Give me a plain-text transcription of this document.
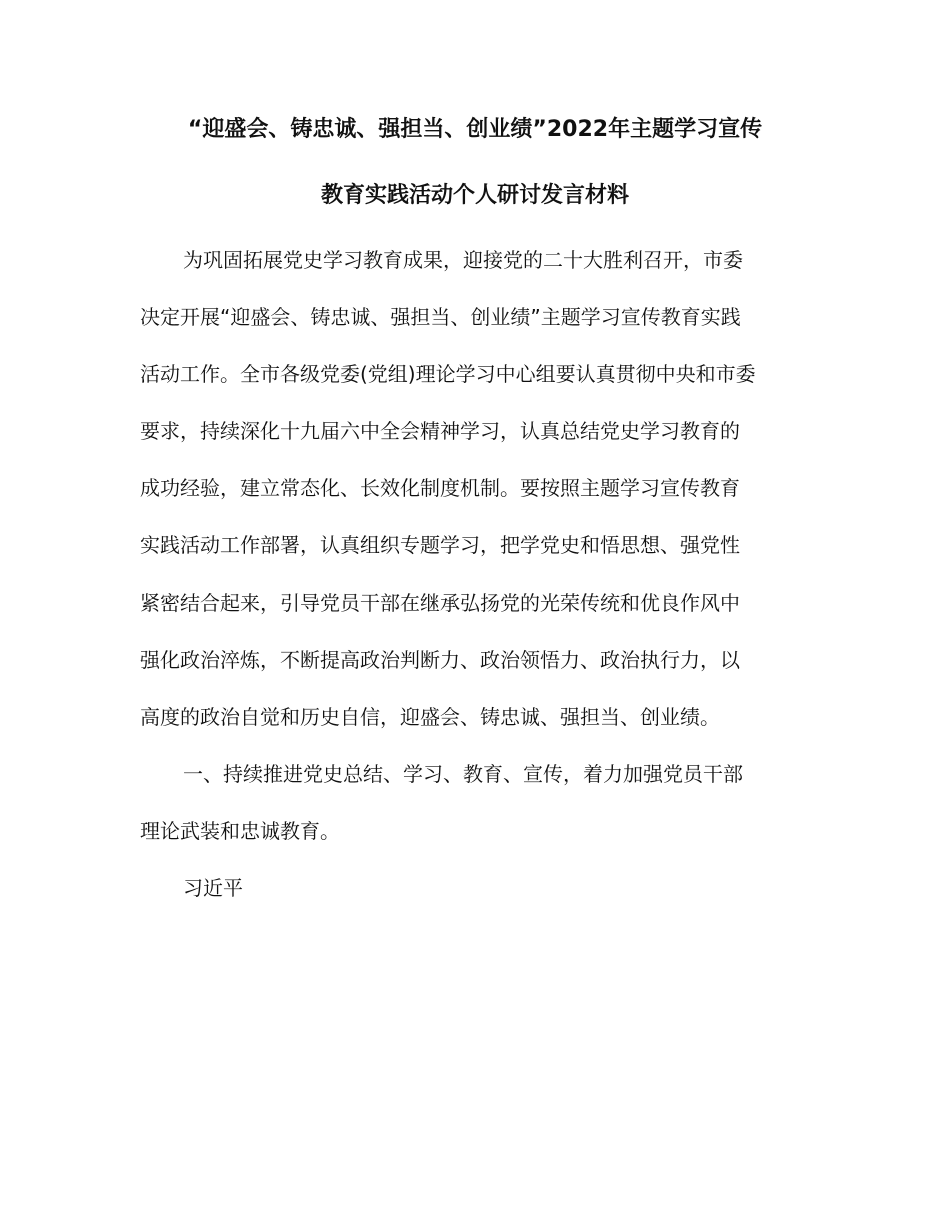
“迎盛会、铸忠诚、强担当、创业绩”2022年主题学习宣传
教育实践活动个人研讨发言材料
为巩固拓展党史学习教育成果，迎接党的二十大胜利召开，市委
决定开展“迎盛会、铸忠诚、强担当、创业绩”主题学习宣传教育实践
活动工作。全市各级党委(党组)理论学习中心组要认真贯彻中央和市委
要求，持续深化十九届六中全会精神学习，认真总结党史学习教育的
成功经验，建立常态化、长效化制度机制。要按照主题学习宣传教育
实践活动工作部署，认真组织专题学习，把学党史和悟思想、强党性
紧密结合起来，引导党员干部在继承弘扬党的光荣传统和优良作风中
强化政治淬炼，不断提高政治判断力、政治领悟力、政治执行力，以
高度的政治自觉和历史自信，迎盛会、铸忠诚、强担当、创业绩。
一、持续推进党史总结、学习、教育、宣传，着力加强党员干部
理论武装和忠诚教育。
习近平
